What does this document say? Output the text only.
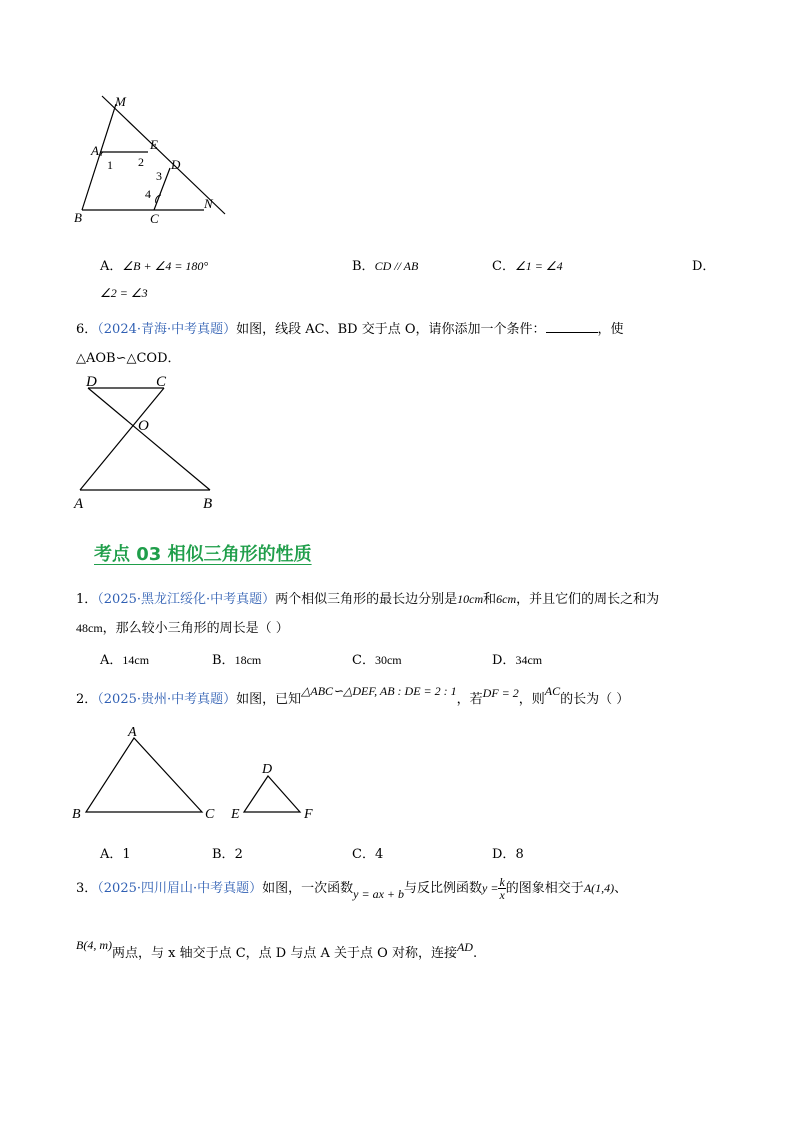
M
A	E
D
B	C
N
1 2
3
4
A．∠B + ∠4 = 180°	B．CD // AB	C．∠1 = ∠4	D．
∠2 = ∠3
6．（2024·青海·中考真题）如图，线段 AC、BD 交于点 O，请你添加一个条件：	，使
△AOB∽△COD．
D	C
O
A	B
考点 03 相似三角形的性质
1．（2025·黑龙江绥化·中考真题）两个相似三角形的最长边分别是10cm和6cm，并且它们的周长之和为
48cm，那么较小三角形的周长是（ ）
A．14cm	B．18cm	C．30cm	D．34cm
2．（2025·贵州·中考真题）如图，已知△ABC∽△DEF, AB : DE = 2 : 1，若DF = 2，则AC的长为（ ）
A
B	C
D
E	F
A．1	B．2	C．4	D．8
3．（2025·四川眉山·中考真题）如图，一次函数y = ax + b与反比例函数$y = \frac{k}{x}$ 的图象相交于A(1,4)、
B(4, m)两点，与 x 轴交于点 C，点 D 与点 A 关于点 O 对称，连接AD.
